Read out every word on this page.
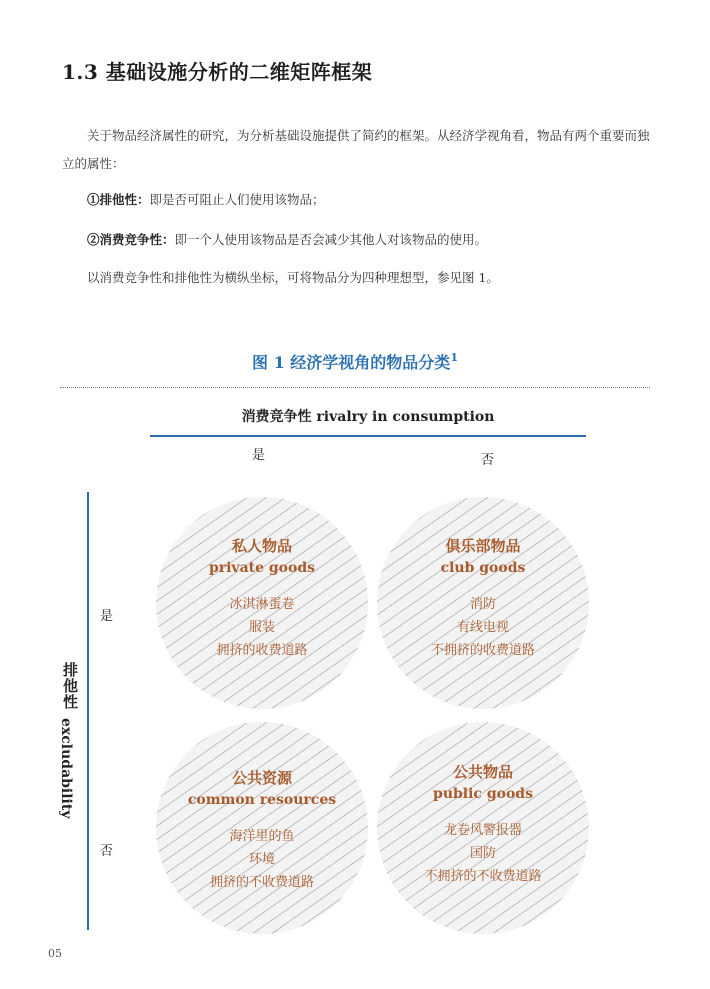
1.3 基础设施分析的二维矩阵框架
关于物品经济属性的研究，为分析基础设施提供了简约的框架。从经济学视角看，物品有两个重要而独立的属性：
①排他性：即是否可阻止人们使用该物品；
②消费竞争性：即一个人使用该物品是否会减少其他人对该物品的使用。
以消费竞争性和排他性为横纵坐标，可将物品分为四种理想型，参见图 1。
图 1 经济学视角的物品分类$^1$
消费竞争性 rivalry in consumption
是	否
排他性
excludability
是
否
私人物品
private goods
冰淇淋蛋卷
服装
拥挤的收费道路
俱乐部物品
club goods
消防
有线电视
不拥挤的收费道路
公共资源
common resources
海洋里的鱼
环境
拥挤的不收费道路
公共物品
public goods
龙卷风警报器
国防
不拥挤的不收费道路
05
